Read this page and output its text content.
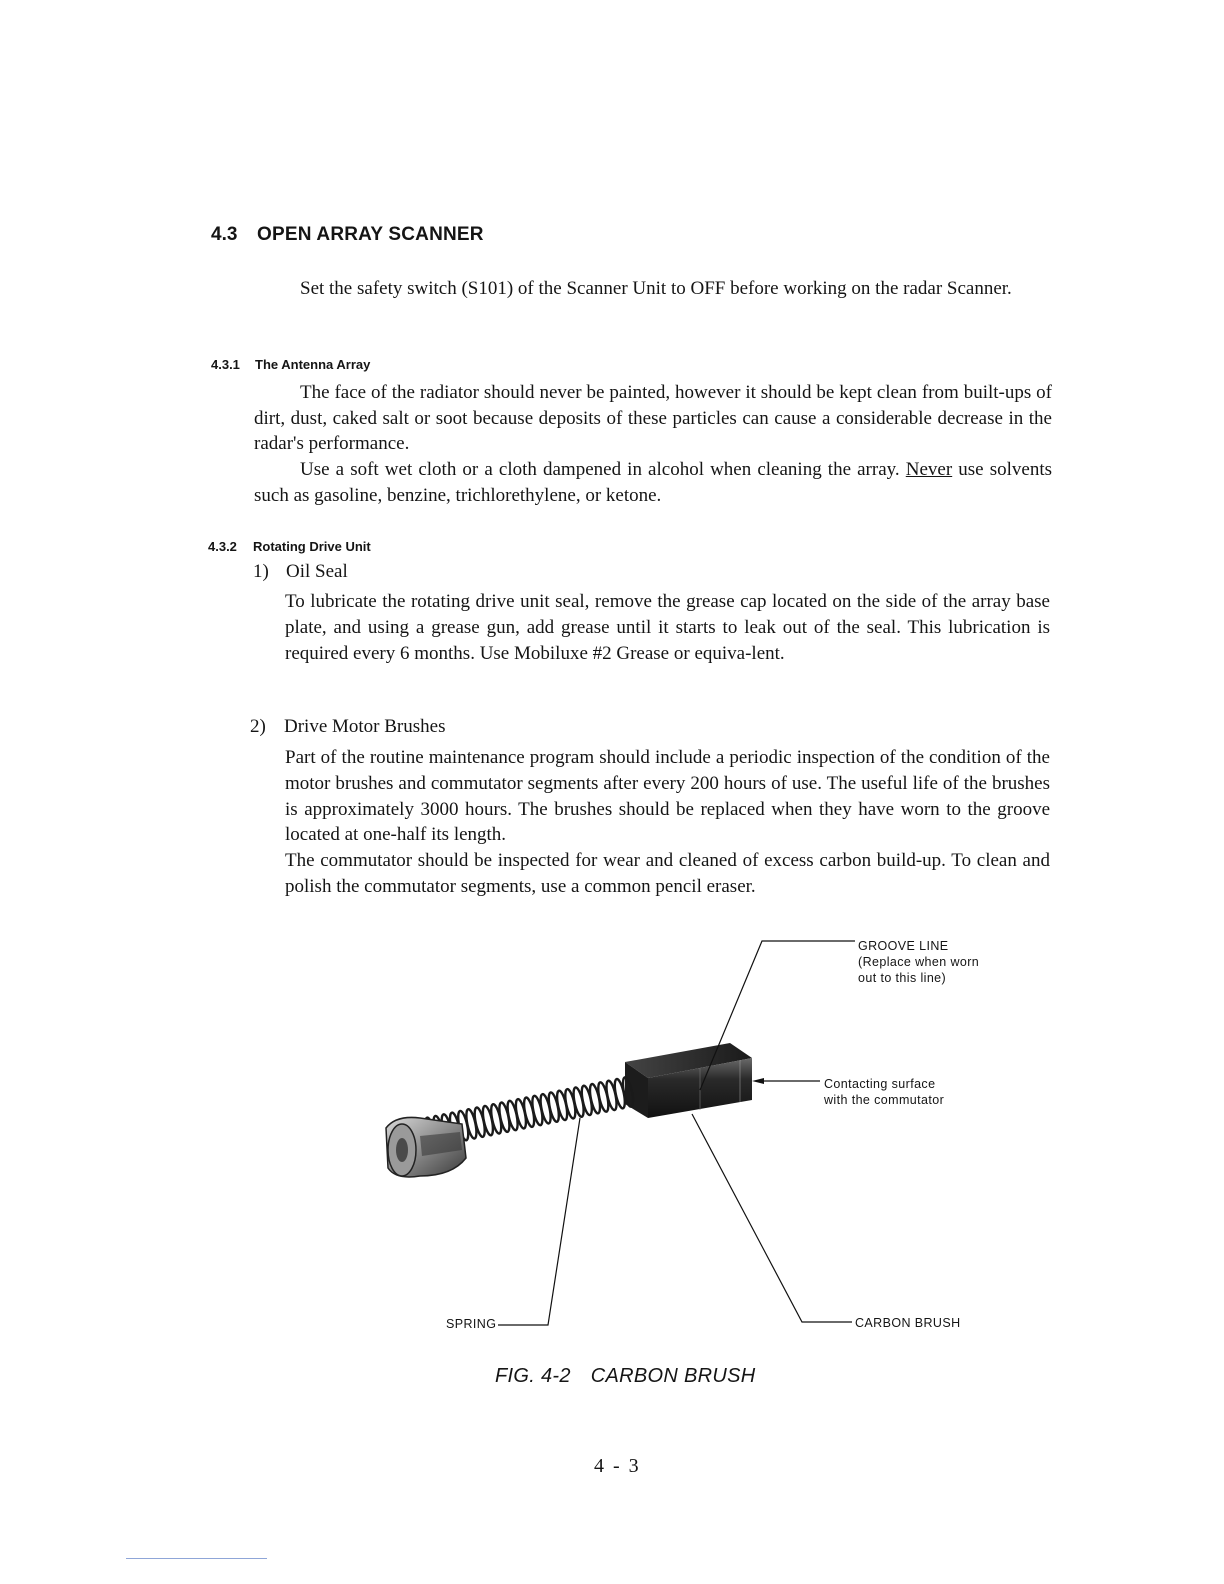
4.3 OPEN ARRAY SCANNER

Set the safety switch (S101) of the Scanner Unit to OFF before working on the radar Scanner.

4.3.1 The Antenna Array

The face of the radiator should never be painted, however it should be kept clean from built-ups of dirt, dust, caked salt or soot because deposits of these particles can cause a considerable decrease in the radar's performance.

Use a soft wet cloth or a cloth dampened in alcohol when cleaning the array. Never use solvents such as gasoline, benzine, trichlorethylene, or ketone.

4.3.2 Rotating Drive Unit
1) Oil Seal

To lubricate the rotating drive unit seal, remove the grease cap located on the side of the array base plate, and using a grease gun, add grease until it starts to leak out of the seal. This lubrication is required every 6 months. Use Mobiluxe #2 Grease or equiva-lent.

2) Drive Motor Brushes

Part of the routine maintenance program should include a periodic inspection of the condition of the motor brushes and commutator segments after every 200 hours of use. The useful life of the brushes is approximately 3000 hours. The brushes should be replaced when they have worn to the groove located at one-half its length.

The commutator should be inspected for wear and cleaned of excess carbon build-up. To clean and polish the commutator segments, use a common pencil eraser.

GROOVE LINE
(Replace when worn
out to this line)
Contacting surface
with the commutator
SPRING	CARBON BRUSH
FIG. 4-2 CARBON BRUSH
4 - 3
